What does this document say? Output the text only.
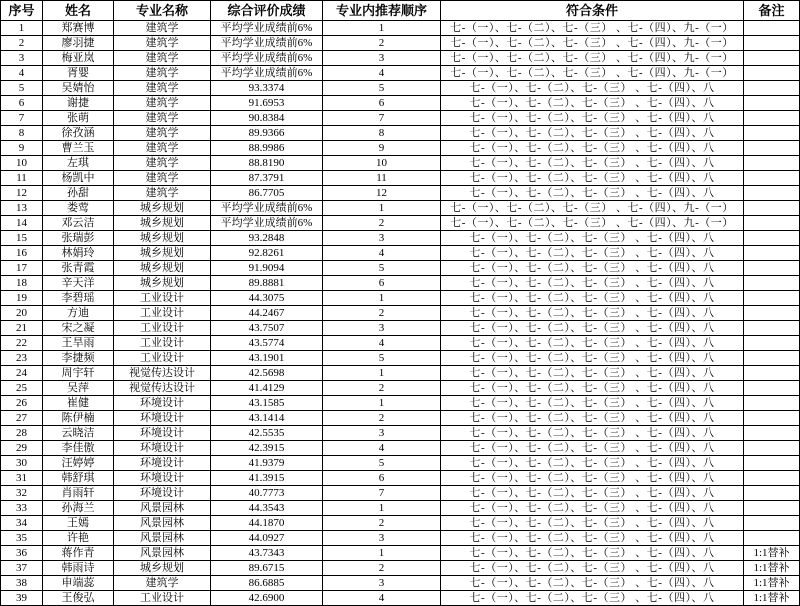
序号	姓名	专业名称	综合评价成绩	专业内推荐顺序	符合条件	备注
1	郑赛博	建筑学	平均学业成绩前6%	1	七-（一）、七-（二）、七-（三） 、七-（四）、九-（一）	
2	廖羽捷	建筑学	平均学业成绩前6%	2	七-（一）、七-（二）、七-（三） 、七-（四）、九-（一）	
3	梅亚岚	建筑学	平均学业成绩前6%	3	七-（一）、七-（二）、七-（三） 、七-（四）、九-（一）	
4	胥婴	建筑学	平均学业成绩前6%	4	七-（一）、七-（二）、七-（三） 、七-（四）、九-（一）	
5	吴婧怡	建筑学	93.3374	5	七-（一）、七-（二）、七-（三） 、七-（四）、八	
6	谢捷	建筑学	91.6953	6	七-（一）、七-（二）、七-（三） 、七-（四）、八	
7	张萌	建筑学	90.8384	7	七-（一）、七-（二）、七-（三） 、七-（四）、八	
8	徐孜涵	建筑学	89.9366	8	七-（一）、七-（二）、七-（三） 、七-（四）、八	
9	曹兰玉	建筑学	88.9986	9	七-（一）、七-（二）、七-（三） 、七-（四）、八	
10	左琪	建筑学	88.8190	10	七-（一）、七-（二）、七-（三） 、七-（四）、八	
11	杨凯中	建筑学	87.3791	11	七-（一）、七-（二）、七-（三） 、七-（四）、八	
12	孙甜	建筑学	86.7705	12	七-（一）、七-（二）、七-（三） 、七-（四）、八	
13	娄莺	城乡规划	平均学业成绩前6%	1	七-（一）、七-（二）、七-（三） 、七-（四）、九-（一）	
14	邓云洁	城乡规划	平均学业成绩前6%	2	七-（一）、七-（二）、七-（三） 、七-（四）、九-（一）	
15	张瑞彭	城乡规划	93.2848	3	七-（一）、七-（二）、七-（三） 、七-（四）、八	
16	林娟玲	城乡规划	92.8261	4	七-（一）、七-（二）、七-（三） 、七-（四）、八	
17	张青霞	城乡规划	91.9094	5	七-（一）、七-（二）、七-（三） 、七-（四）、八	
18	辛天洋	城乡规划	89.8881	6	七-（一）、七-（二）、七-（三） 、七-（四）、八	
19	李碧瑶	工业设计	44.3075	1	七-（一）、七-（二）、七-（三） 、七-（四）、八	
20	方迪	工业设计	44.2467	2	七-（一）、七-（二）、七-（三） 、七-（四）、八	
21	宋之凝	工业设计	43.7507	3	七-（一）、七-（二）、七-（三） 、七-（四）、八	
22	王旱雨	工业设计	43.5774	4	七-（一）、七-（二）、七-（三） 、七-（四）、八	
23	李捷频	工业设计	43.1901	5	七-（一）、七-（二）、七-（三） 、七-（四）、八	
24	周宇轩	视觉传达设计	42.5698	1	七-（一）、七-（二）、七-（三） 、七-（四）、八	
25	吴萍	视觉传达设计	41.4129	2	七-（一）、七-（二）、七-（三） 、七-（四）、八	
26	崔健	环境设计	43.1585	1	七-（一）、七-（二）、七-（三） 、七-（四）、八	
27	陈伊楠	环境设计	43.1414	2	七-（一）、七-（二）、七-（三） 、七-（四）、八	
28	云晓洁	环境设计	42.5535	3	七-（一）、七-（二）、七-（三） 、七-（四）、八	
29	李佳傲	环境设计	42.3915	4	七-（一）、七-（二）、七-（三） 、七-（四）、八	
30	汪婷婷	环境设计	41.9379	5	七-（一）、七-（二）、七-（三） 、七-（四）、八	
31	韩舒琪	环境设计	41.3915	6	七-（一）、七-（二）、七-（三） 、七-（四）、八	
32	肖雨轩	环境设计	40.7773	7	七-（一）、七-（二）、七-（三） 、七-（四）、八	
33	孙海兰	风景园林	44.3543	1	七-（一）、七-（二）、七-（三） 、七-（四）、八	
34	王嫣	风景园林	44.1870	2	七-（一）、七-（二）、七-（三） 、七-（四）、八	
35	许艳	风景园林	44.0927	3	七-（一）、七-（二）、七-（三） 、七-（四）、八	
36	蒋作青	风景园林	43.7343	1	七-（一）、七-（二）、七-（三） 、七-（四）、八	1:1替补
37	韩雨诗	城乡规划	89.6715	2	七-（一）、七-（二）、七-（三） 、七-（四）、八	1:1替补
38	申端蕊	建筑学	86.6885	3	七-（一）、七-（二）、七-（三） 、七-（四）、八	1:1替补
39	王俊弘	工业设计	42.6900	4	七-（一）、七-（二）、七-（三） 、七-（四）、八	1:1替补
